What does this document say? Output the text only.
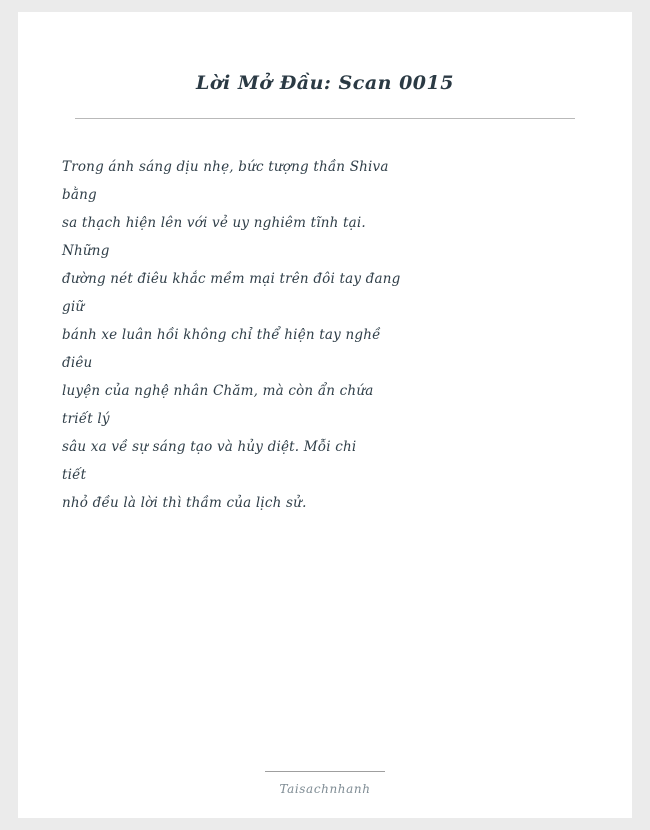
Lời Mở Đầu: Scan 0015
Trong ánh sáng dịu nhẹ, bức tượng thần Shiva
bằng
sa thạch hiện lên với vẻ uy nghiêm tĩnh tại.
Những
đường nét điêu khắc mềm mại trên đôi tay đang
giữ
bánh xe luân hồi không chỉ thể hiện tay nghề
điêu
luyện của nghệ nhân Chăm, mà còn ẩn chứa
triết lý
sâu xa về sự sáng tạo và hủy diệt. Mỗi chi
tiết
nhỏ đều là lời thì thầm của lịch sử.
Taisachnhanh
